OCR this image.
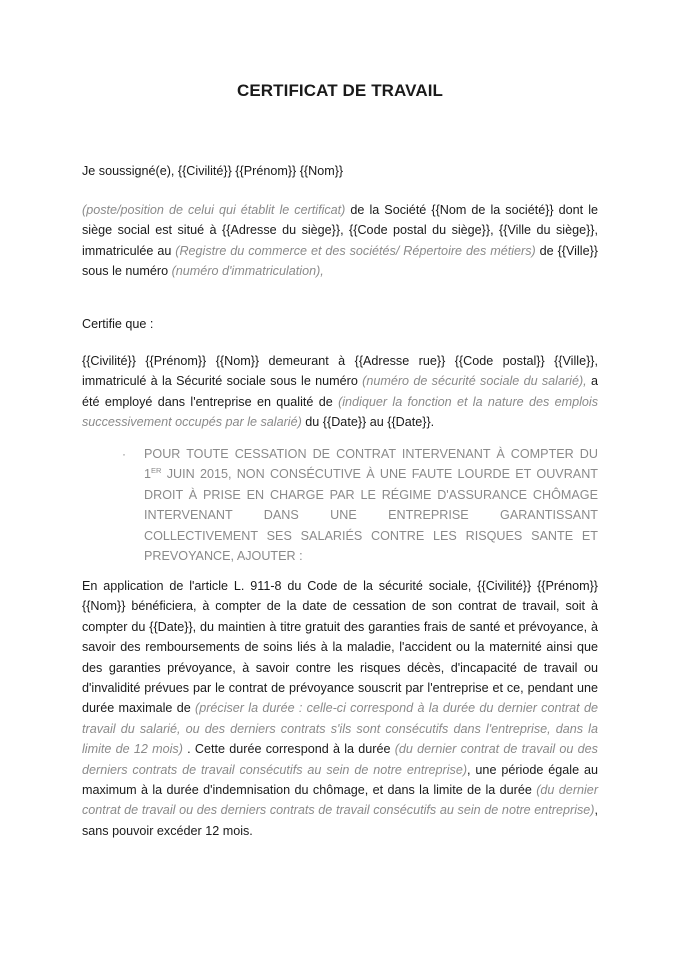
CERTIFICAT DE TRAVAIL
Je soussigné(e), {{Civilité}} {{Prénom}} {{Nom}}
(poste/position de celui qui établit le certificat) de la Société {{Nom de la société}} dont le siège social est situé à {{Adresse du siège}}, {{Code postal du siège}}, {{Ville du siège}}, immatriculée au (Registre du commerce et des sociétés/ Répertoire des métiers) de {{Ville}} sous le numéro (numéro d'immatriculation),
Certifie que :
{{Civilité}} {{Prénom}} {{Nom}} demeurant à {{Adresse rue}} {{Code postal}} {{Ville}}, immatriculé à la Sécurité sociale sous le numéro (numéro de sécurité sociale du salarié), a été employé dans l'entreprise en qualité de (indiquer la fonction et la nature des emplois successivement occupés par le salarié) du {{Date}} au {{Date}}.
· POUR TOUTE CESSATION DE CONTRAT INTERVENANT À COMPTER DU 1ER JUIN 2015, NON CONSÉCUTIVE À UNE FAUTE LOURDE ET OUVRANT DROIT À PRISE EN CHARGE PAR LE RÉGIME D'ASSURANCE CHÔMAGE INTERVENANT DANS UNE ENTREPRISE GARANTISSANT COLLECTIVEMENT SES SALARIÉS CONTRE LES RISQUES SANTE ET PREVOYANCE, AJOUTER :
En application de l'article L. 911-8 du Code de la sécurité sociale, {{Civilité}} {{Prénom}} {{Nom}} bénéficiera, à compter de la date de cessation de son contrat de travail, soit à compter du {{Date}}, du maintien à titre gratuit des garanties frais de santé et prévoyance, à savoir des remboursements de soins liés à la maladie, l'accident ou la maternité ainsi que des garanties prévoyance, à savoir contre les risques décès, d'incapacité de travail ou d'invalidité prévues par le contrat de prévoyance souscrit par l'entreprise et ce, pendant une durée maximale de (préciser la durée : celle-ci correspond à la durée du dernier contrat de travail du salarié, ou des derniers contrats s'ils sont consécutifs dans l'entreprise, dans la limite de 12 mois) . Cette durée correspond à la durée (du dernier contrat de travail ou des derniers contrats de travail consécutifs au sein de notre entreprise), une période égale au maximum à la durée d'indemnisation du chômage, et dans la limite de la durée (du dernier contrat de travail ou des derniers contrats de travail consécutifs au sein de notre entreprise), sans pouvoir excéder 12 mois.
